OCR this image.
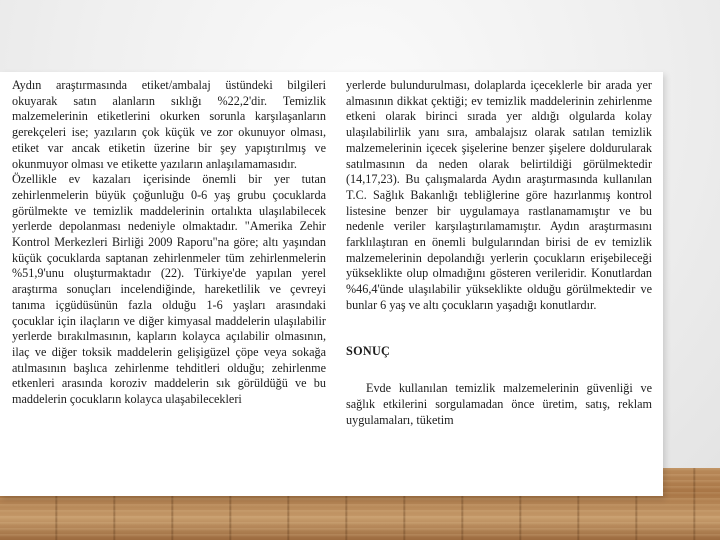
Aydın araştırmasında etiket/ambalaj üstündeki bilgileri okuyarak satın alanların sıklığı %22,2'dir. Temizlik malzemelerinin etiketlerini okurken sorunla karşılaşanların gerekçeleri ise; yazıların çok küçük ve zor okunuyor olması, etiket var ancak etiketin üzerine bir şey yapıştırılmış ve okunmuyor olması ve etikette yazıların anlaşılamamasıdır.

Özellikle ev kazaları içerisinde önemli bir yer tutan zehirlenmelerin büyük çoğunluğu 0-6 yaş grubu çocuklarda görülmekte ve temizlik maddelerinin ortalıkta ulaşılabilecek yerlerde depolanması nedeniyle olmaktadır. "Amerika Zehir Kontrol Merkezleri Birliği 2009 Raporu"na göre; altı yaşından küçük çocuklarda saptanan zehirlenmeler tüm zehirlenmelerin %51,9'unu oluşturmaktadır (22). Türkiye'de yapılan yerel araştırma sonuçları incelendiğinde, hareketlilik ve çevreyi tanıma içgüdüsünün fazla olduğu 1-6 yaşları arasındaki çocuklar için ilaçların ve diğer kimyasal maddelerin ulaşılabilir yerlerde bırakılmasının, kapların kolayca açılabilir olmasının, ilaç ve diğer toksik maddelerin gelişigüzel çöpe veya sokağa atılmasının başlıca zehirlenme tehditleri olduğu; zehirlenme etkenleri arasında koroziv maddelerin sık görüldüğü ve bu maddelerin çocukların kolayca ulaşabilecekleri

yerlerde bulundurulması, dolaplarda içeceklerle bir arada yer almasının dikkat çektiği; ev temizlik maddelerinin zehirlenme etkeni olarak birinci sırada yer aldığı olgularda kolay ulaşılabilirlik yanı sıra, ambalajsız olarak satılan temizlik malzemelerinin içecek şişelerine benzer şişelere doldurularak satılmasının da neden olarak belirtildiği görülmektedir (14,17,23). Bu çalışmalarda Aydın araştırmasında kullanılan T.C. Sağlık Bakanlığı tebliğlerine göre hazırlanmış kontrol listesine benzer bir uygulamaya rastlanamamıştır ve bu nedenle veriler karşılaştırılamamıştır. Aydın araştırmasını farklılaştıran en önemli bulgularından birisi de ev temizlik malzemelerinin depolandığı yerlerin çocukların erişebileceği yükseklikte olup olmadığını gösteren verileridir. Konutlardan %46,4'ünde ulaşılabilir yükseklikte olduğu görülmektedir ve bunlar 6 yaş ve altı çocukların yaşadığı konutlardır.

SONUÇ

Evde kullanılan temizlik malzemelerinin güvenliği ve sağlık etkilerini sorgulamadan önce üretim, satış, reklam uygulamaları, tüketim
